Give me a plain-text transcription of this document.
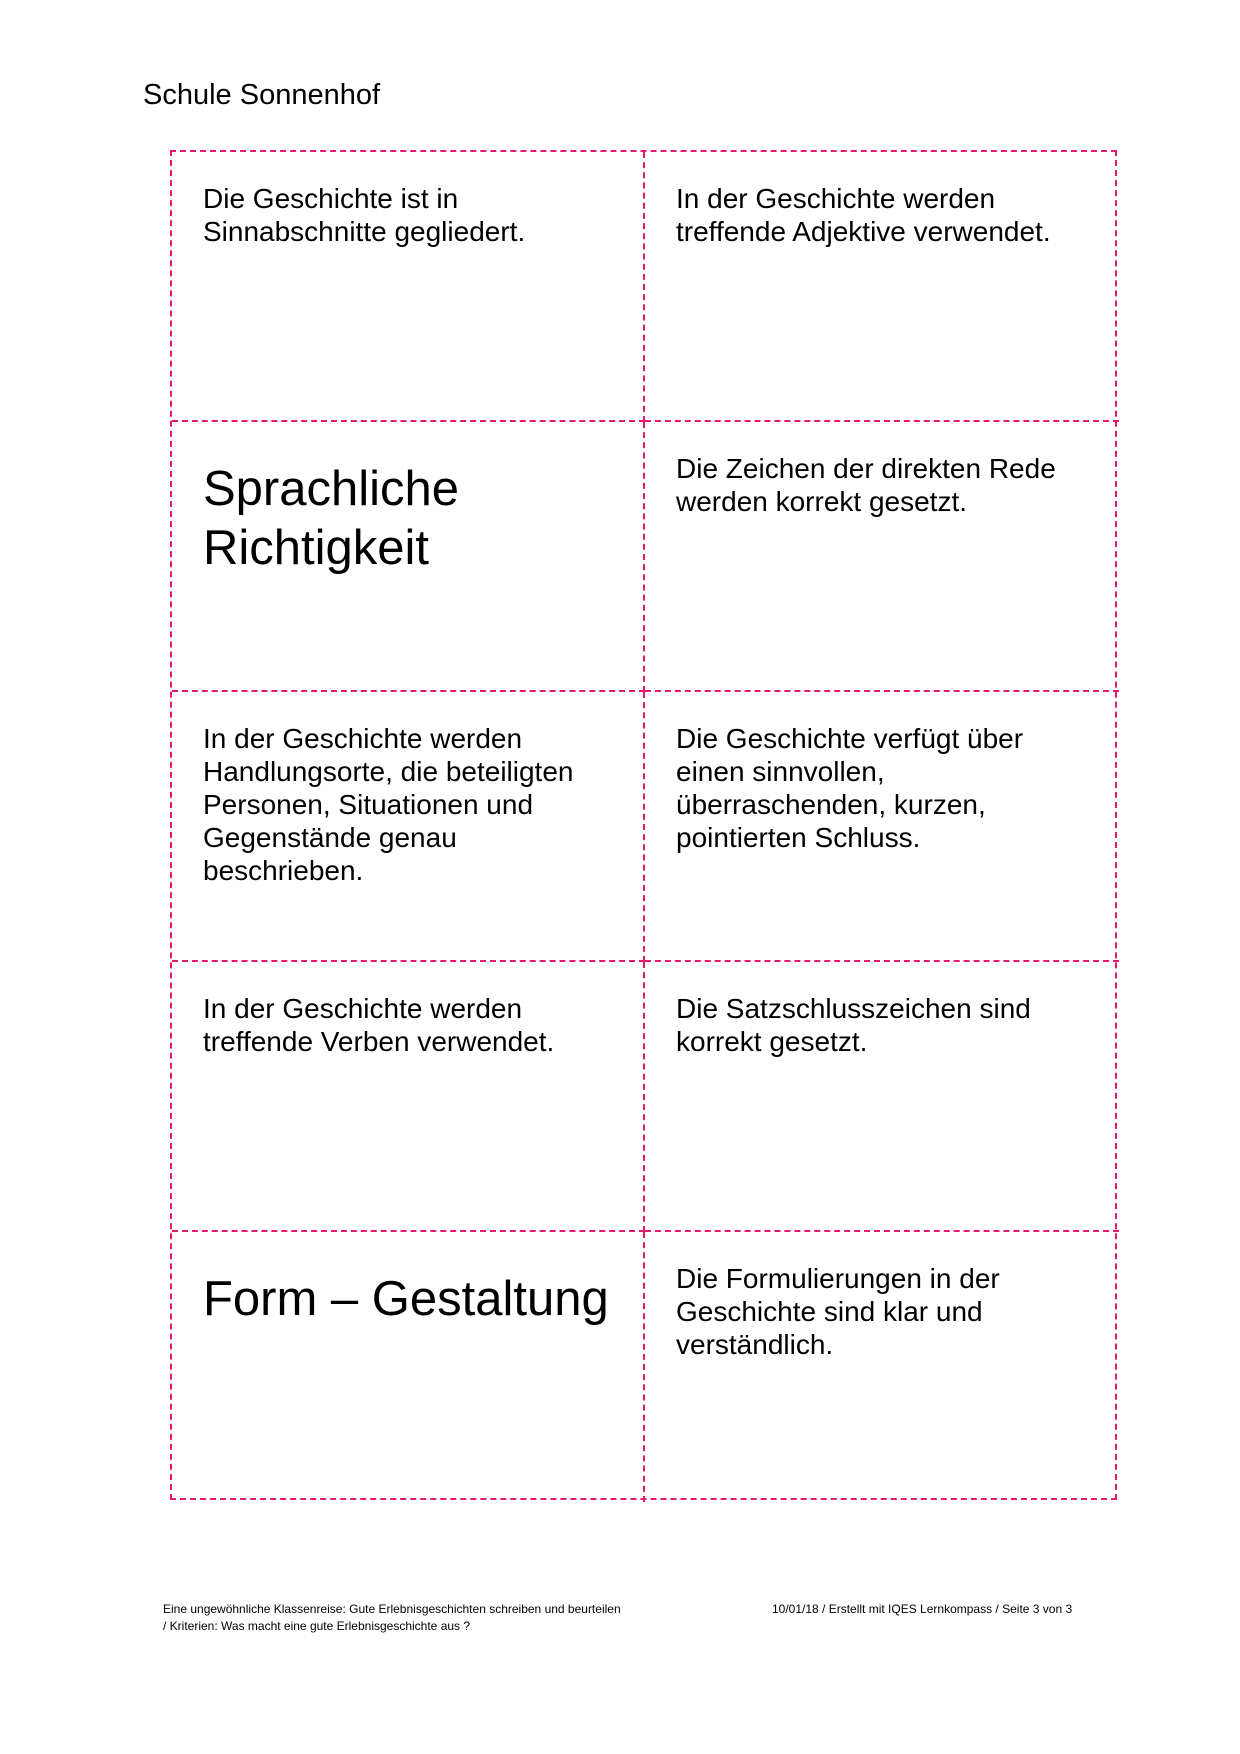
Schule Sonnenhof
Die Geschichte ist in Sinnabschnitte gegliedert.
In der Geschichte werden treffende Adjektive verwendet.
Sprachliche Richtigkeit
Die Zeichen der direkten Rede werden korrekt gesetzt.
In der Geschichte werden Handlungsorte, die beteiligten Personen, Situationen und Gegenstände genau beschrieben.
Die Geschichte verfügt über einen sinnvollen, überraschenden, kurzen, pointierten Schluss.
In der Geschichte werden treffende Verben verwendet.
Die Satzschlusszeichen sind korrekt gesetzt.
Form – Gestaltung	Die Formulierungen in der Geschichte sind klar und verständlich.
Eine ungewöhnliche Klassenreise: Gute Erlebnisgeschichten schreiben und beurteilen / Kriterien: Was macht eine gute Erlebnisgeschichte aus ?
10/01/18 / Erstellt mit IQES Lernkompass / Seite 3 von 3
